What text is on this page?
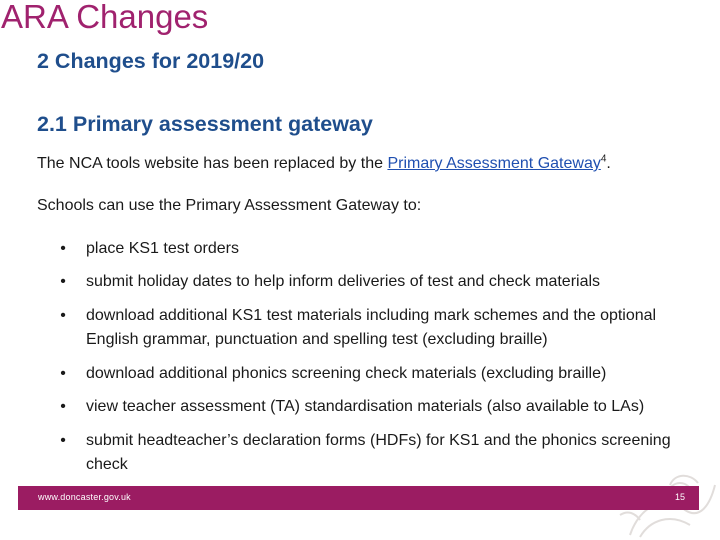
ARA Changes
2 Changes for 2019/20
2.1 Primary assessment gateway
The NCA tools website has been replaced by the Primary Assessment Gateway$^4$.
Schools can use the Primary Assessment Gateway to:
• place KS1 test orders
• submit holiday dates to help inform deliveries of test and check materials
• download additional KS1 test materials including mark schemes and the optional English grammar, punctuation and spelling test (excluding braille)
• download additional phonics screening check materials (excluding braille)
• view teacher assessment (TA) standardisation materials (also available to LAs)
• submit headteacher’s declaration forms (HDFs) for KS1 and the phonics screening check
www.doncaster.gov.uk	15
